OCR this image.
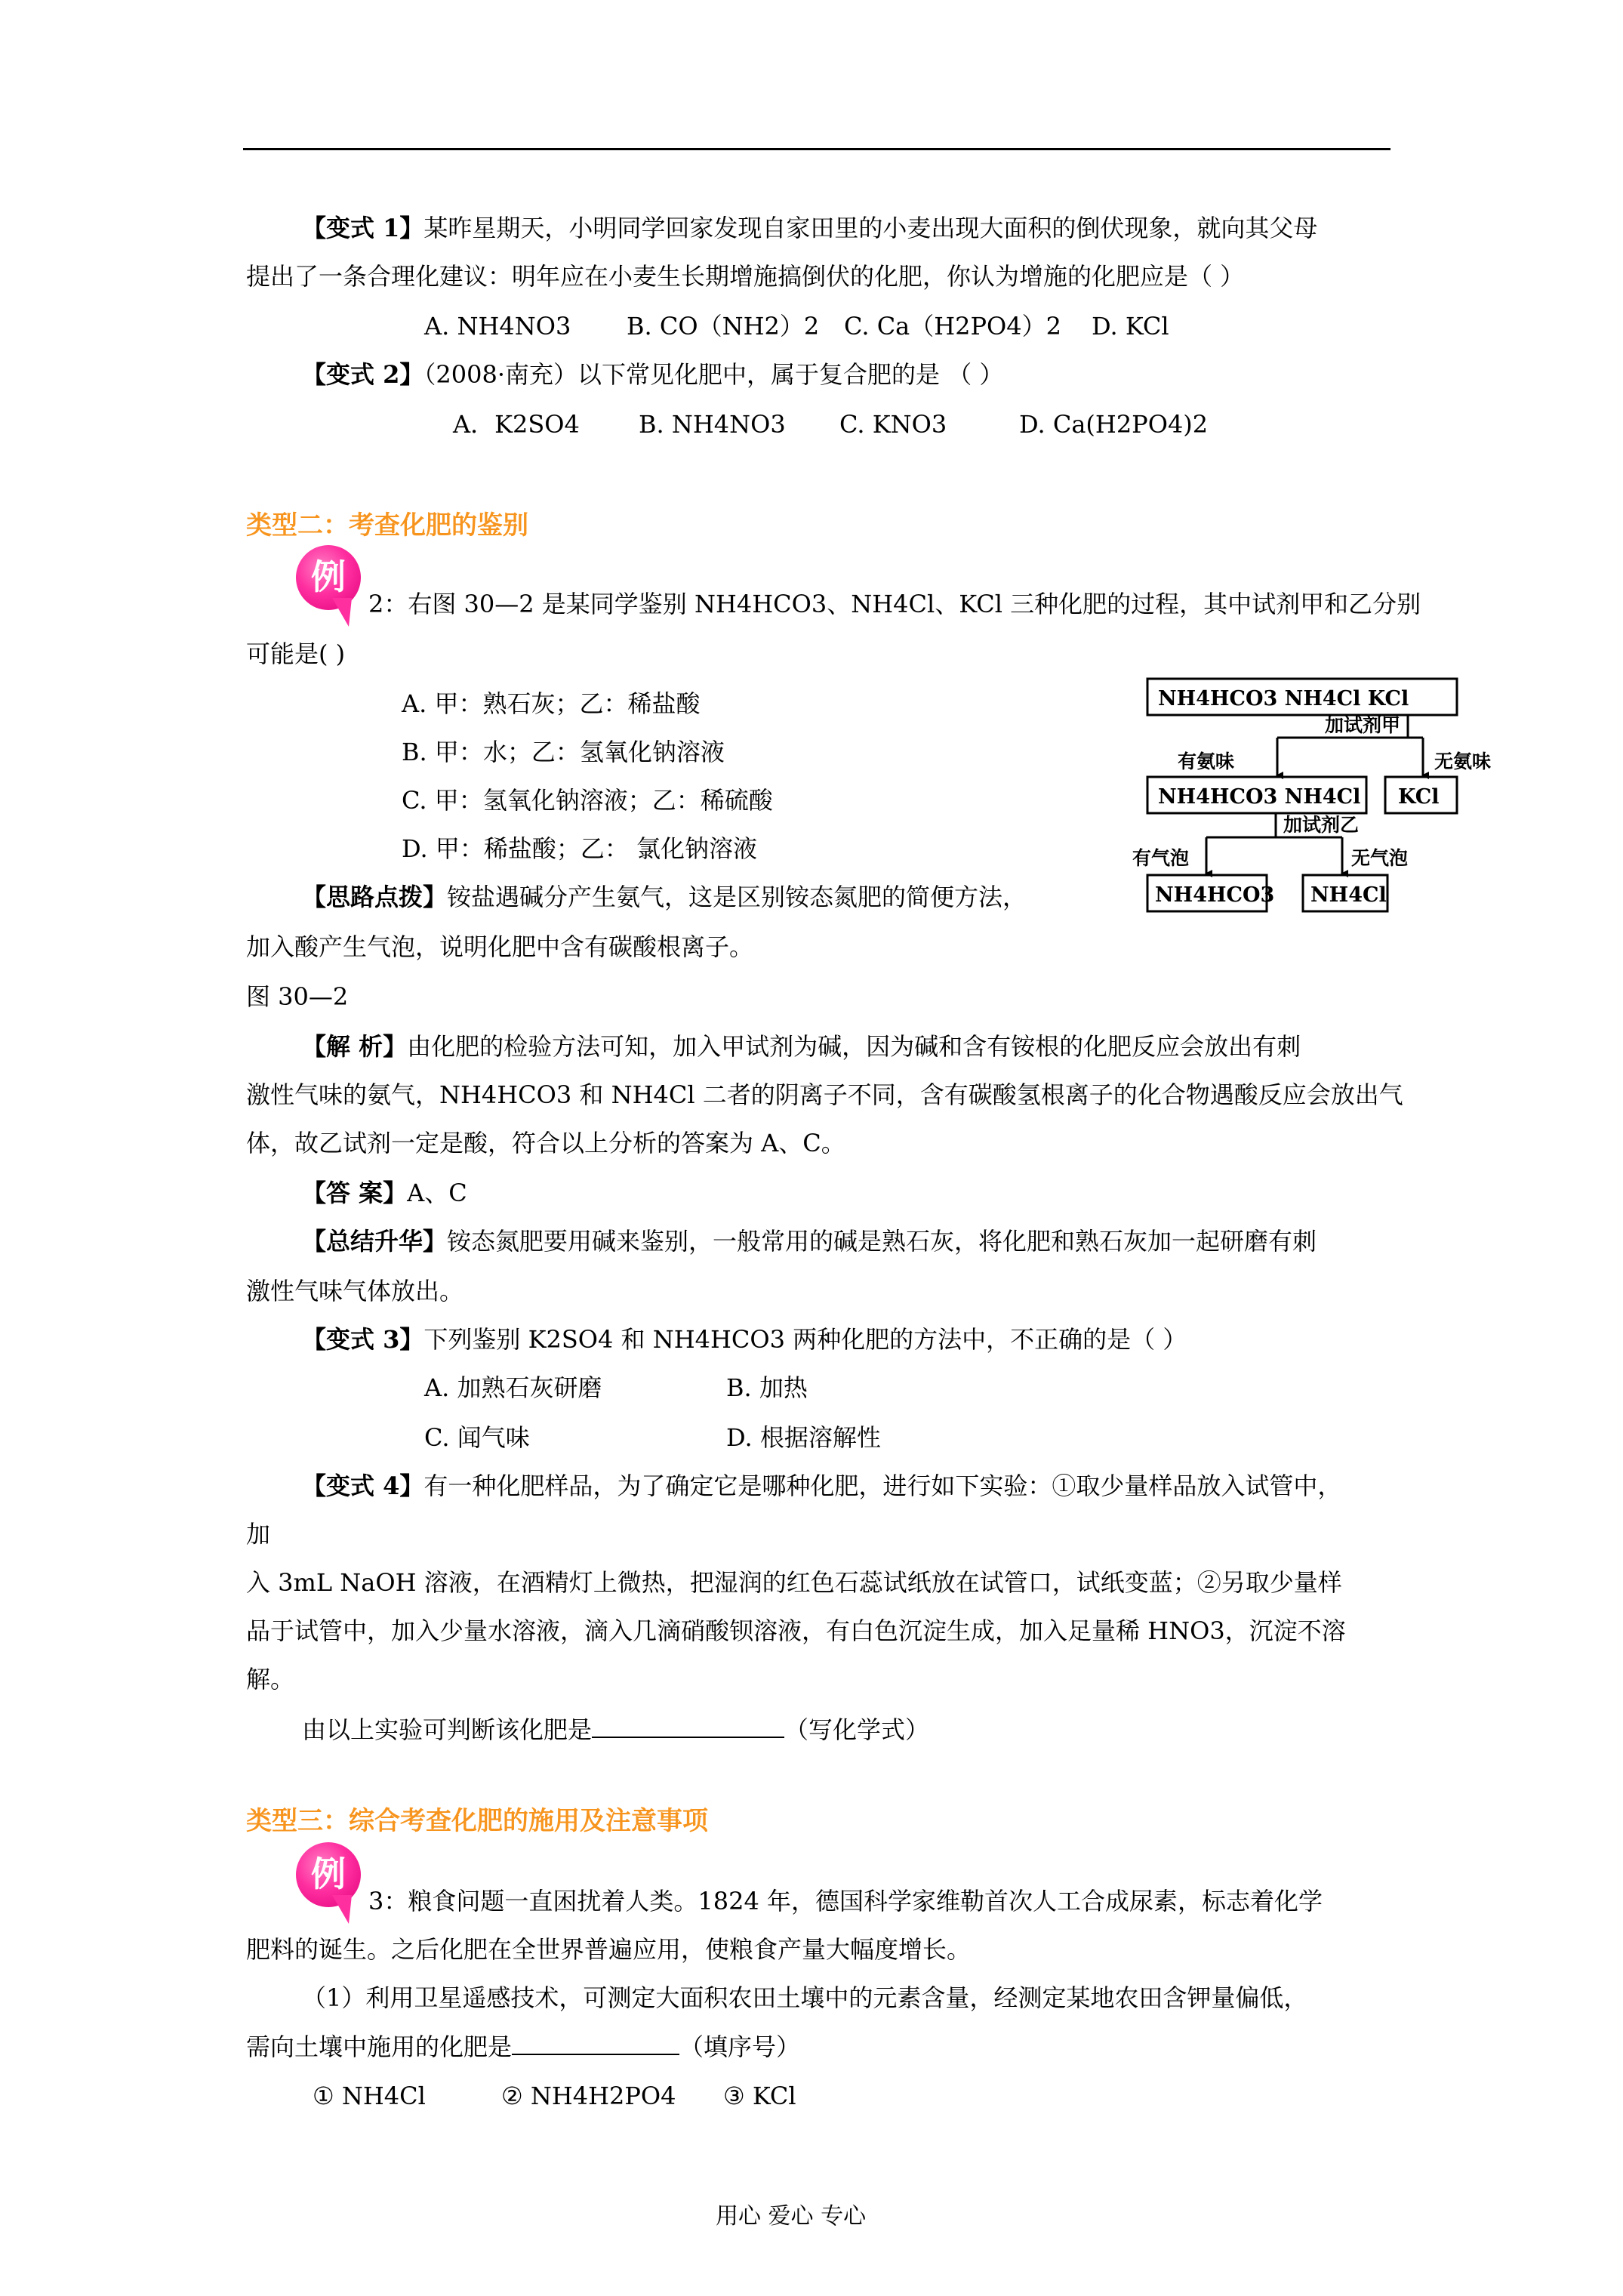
【变式 1】某昨星期天，小明同学回家发现自家田里的小麦出现大面积的倒伏现象，就向其父母
提出了一条合理化建议：明年应在小麦生长期增施搞倒伏的化肥，你认为增施的化肥应是（ ）
A. NH4NO3 B. CO（NH2）2 C. Ca（H2PO4）2 D. KCl
【变式 2】（2008·南充）以下常见化肥中，属于复合肥的是 （ ）
A．K2SO4 B. NH4NO3 C. KNO3	D. Ca(H2PO4)2
类型二：考查化肥的鉴别
例
2：右图 30—2 是某同学鉴别 NH4HCO3、NH4Cl、KCl 三种化肥的过程，其中试剂甲和乙分别
可能是( )
A. 甲：熟石灰；乙：稀盐酸
B. 甲：水；乙：氢氧化钠溶液
C. 甲：氢氧化钠溶液；乙：稀硫酸
D. 甲：稀盐酸；乙： 氯化钠溶液
【思路点拨】铵盐遇碱分产生氨气，这是区别铵态氮肥的简便方法，
加入酸产生气泡，说明化肥中含有碳酸根离子。
图 30—2
NH4HCO3 NH4Cl KCl
加试剂甲
有氨味	无氨味
NH4HCO3 NH4Cl KCl
加试剂乙
有气泡	无气泡
NH4HCO3 NH4Cl
【解 析】由化肥的检验方法可知，加入甲试剂为碱，因为碱和含有铵根的化肥反应会放出有刺
激性气味的氨气，NH4HCO3 和 NH4Cl 二者的阴离子不同，含有碳酸氢根离子的化合物遇酸反应会放出气
体，故乙试剂一定是酸，符合以上分析的答案为 A、C。
【答 案】A、C
【总结升华】铵态氮肥要用碱来鉴别，一般常用的碱是熟石灰，将化肥和熟石灰加一起研磨有刺
激性气味气体放出。
【变式 3】下列鉴别 K2SO4 和 NH4HCO3 两种化肥的方法中，不正确的是（ ）
A. 加熟石灰研磨	B. 加热
C. 闻气味	D. 根据溶解性
【变式 4】有一种化肥样品，为了确定它是哪种化肥，进行如下实验：①取少量样品放入试管中，
加
入 3mL NaOH 溶液，在酒精灯上微热，把湿润的红色石蕊试纸放在试管口，试纸变蓝；②另取少量样
品于试管中，加入少量水溶液，滴入几滴硝酸钡溶液，有白色沉淀生成，加入足量稀 HNO3，沉淀不溶
解。
由以上实验可判断该化肥是	（写化学式）
类型三：综合考查化肥的施用及注意事项
例
3：粮食问题一直困扰着人类。1824 年，德国科学家维勒首次人工合成尿素，标志着化学
肥料的诞生。之后化肥在全世界普遍应用，使粮食产量大幅度增长。
（1）利用卫星遥感技术，可测定大面积农田土壤中的元素含量，经测定某地农田含钾量偏低，
需向土壤中施用的化肥是	（填序号）
① NH4Cl	② NH4H2PO4 ③ KCl
用心 爱心 专心
